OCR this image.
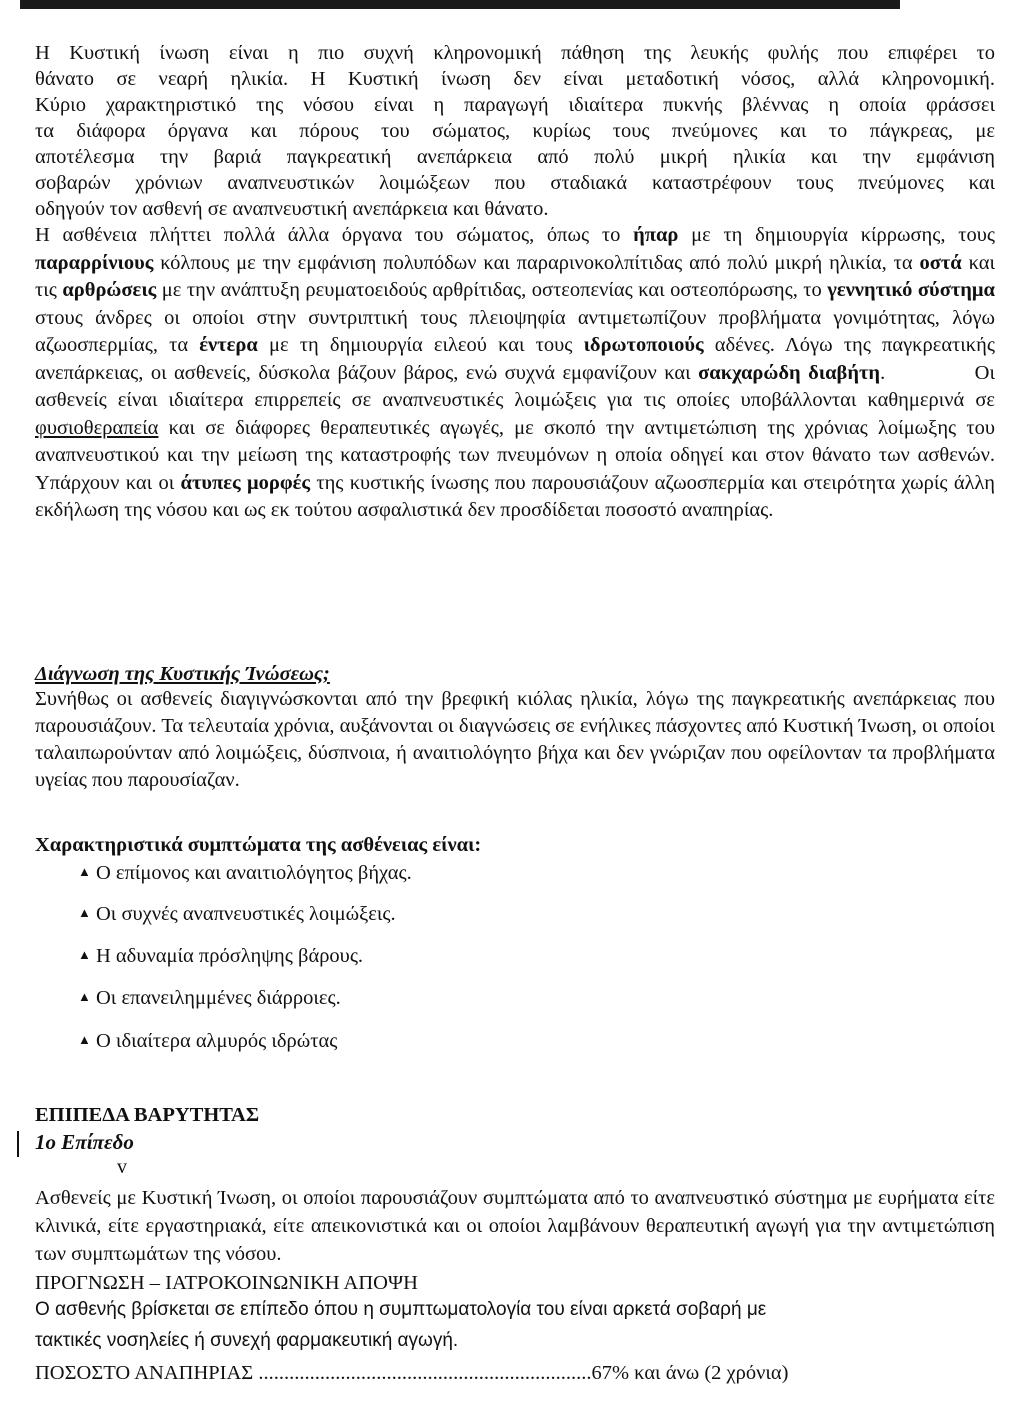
Η Κυστική ίνωση είναι η πιο συχνή κληρονομική πάθηση της λευκής φυλής που επιφέρει το
θάνατο σε νεαρή ηλικία. Η Κυστική ίνωση δεν είναι μεταδοτική νόσος, αλλά κληρονομική.
Κύριο χαρακτηριστικό της νόσου είναι η παραγωγή ιδιαίτερα πυκνής βλέννας η οποία φράσσει
τα διάφορα όργανα και πόρους του σώματος, κυρίως τους πνεύμονες και το πάγκρεας, με
αποτέλεσμα την βαριά παγκρεατική ανεπάρκεια από πολύ μικρή ηλικία και την εμφάνιση
σοβαρών χρόνιων αναπνευστικών λοιμώξεων που σταδιακά καταστρέφουν τους πνεύμονες και
οδηγούν τον ασθενή σε αναπνευστική ανεπάρκεια και θάνατο.
Η ασθένεια πλήττει πολλά άλλα όργανα του σώματος, όπως το ήπαρ με τη δημιουργία κίρρωσης, τους παραρρίνιους κόλπους με την εμφάνιση πολυπόδων και παραρινοκολπίτιδας από πολύ μικρή ηλικία, τα οστά και τις αρθρώσεις με την ανάπτυξη ρευματοειδούς αρθρίτιδας, οστεοπενίας και οστεοπόρωσης, το γεννητικό σύστημα στους άνδρες οι οποίοι στην συντριπτική τους πλειοψηφία αντιμετωπίζουν προβλήματα γονιμότητας, λόγω αζωοσπερμίας, τα έντερα με τη δημιουργία ειλεού και τους ιδρωτοποιούς αδένες. Λόγω της παγκρεατικής ανεπάρκειας, οι ασθενείς, δύσκολα βάζουν βάρος, ενώ συχνά εμφανίζουν και σακχαρώδη διαβήτη.            Οι ασθενείς είναι ιδιαίτερα επιρρεπείς σε αναπνευστικές λοιμώξεις για τις οποίες υποβάλλονται καθημερινά σε φυσιοθεραπεία και σε διάφορες θεραπευτικές αγωγές, με σκοπό την αντιμετώπιση της χρόνιας λοίμωξης του αναπνευστικού και την μείωση της καταστροφής των πνευμόνων η οποία οδηγεί και στον θάνατο των ασθενών. Υπάρχουν και οι άτυπες μορφές της κυστικής ίνωσης που παρουσιάζουν αζωοσπερμία και στειρότητα χωρίς άλλη εκδήλωση της νόσου και ως εκ τούτου ασφαλιστικά δεν προσδίδεται ποσοστό αναπηρίας.
Διάγνωση της Κυστικής Ίνώσεως;
Συνήθως οι ασθενείς διαγιγνώσκονται από την βρεφική κιόλας ηλικία, λόγω της παγκρεατικής ανεπάρκειας που παρουσιάζουν. Τα τελευταία χρόνια, αυξάνονται οι διαγνώσεις σε ενήλικες πάσχοντες από Κυστική Ίνωση, οι οποίοι ταλαιπωρούνταν από λοιμώξεις, δύσπνοια, ή αναιτιολόγητο βήχα και δεν γνώριζαν που οφείλονταν τα προβλήματα υγείας που παρουσίαζαν.
Χαρακτηριστικά συμπτώματα της ασθένειας είναι:
▲ Ο επίμονος και αναιτιολόγητος βήχας.
▲ Οι συχνές αναπνευστικές λοιμώξεις.
▲ Η αδυναμία πρόσληψης βάρους.
▲ Οι επανειλημμένες διάρροιες.
▲ Ο ιδιαίτερα αλμυρός ιδρώτας
ΕΠΙΠΕΔΑ ΒΑΡΥΤΗΤΑΣ
1ο Επίπεδο
v
Ασθενείς με Κυστική Ίνωση, οι οποίοι παρουσιάζουν συμπτώματα από το αναπνευστικό σύστημα με ευρήματα είτε κλινικά, είτε εργαστηριακά, είτε απεικονιστικά και οι οποίοι λαμβάνουν θεραπευτική αγωγή για την αντιμετώπιση των συμπτωμάτων της νόσου.
ΠΡΟΓΝΩΣΗ – ΙΑΤΡΟΚΟΙΝΩΝΙΚΗ ΑΠΟΨΗ
Ο ασθενής βρίσκεται σε επίπεδο όπου η συμπτωματολογία του είναι αρκετά σοβαρή με
τακτικές νοσηλείες ή συνεχή φαρμακευτική αγωγή.
ΠΟΣΟΣΤΟ ΑΝΑΠΗΡΙΑΣ .................................................................67% και άνω (2 χρόνια)
